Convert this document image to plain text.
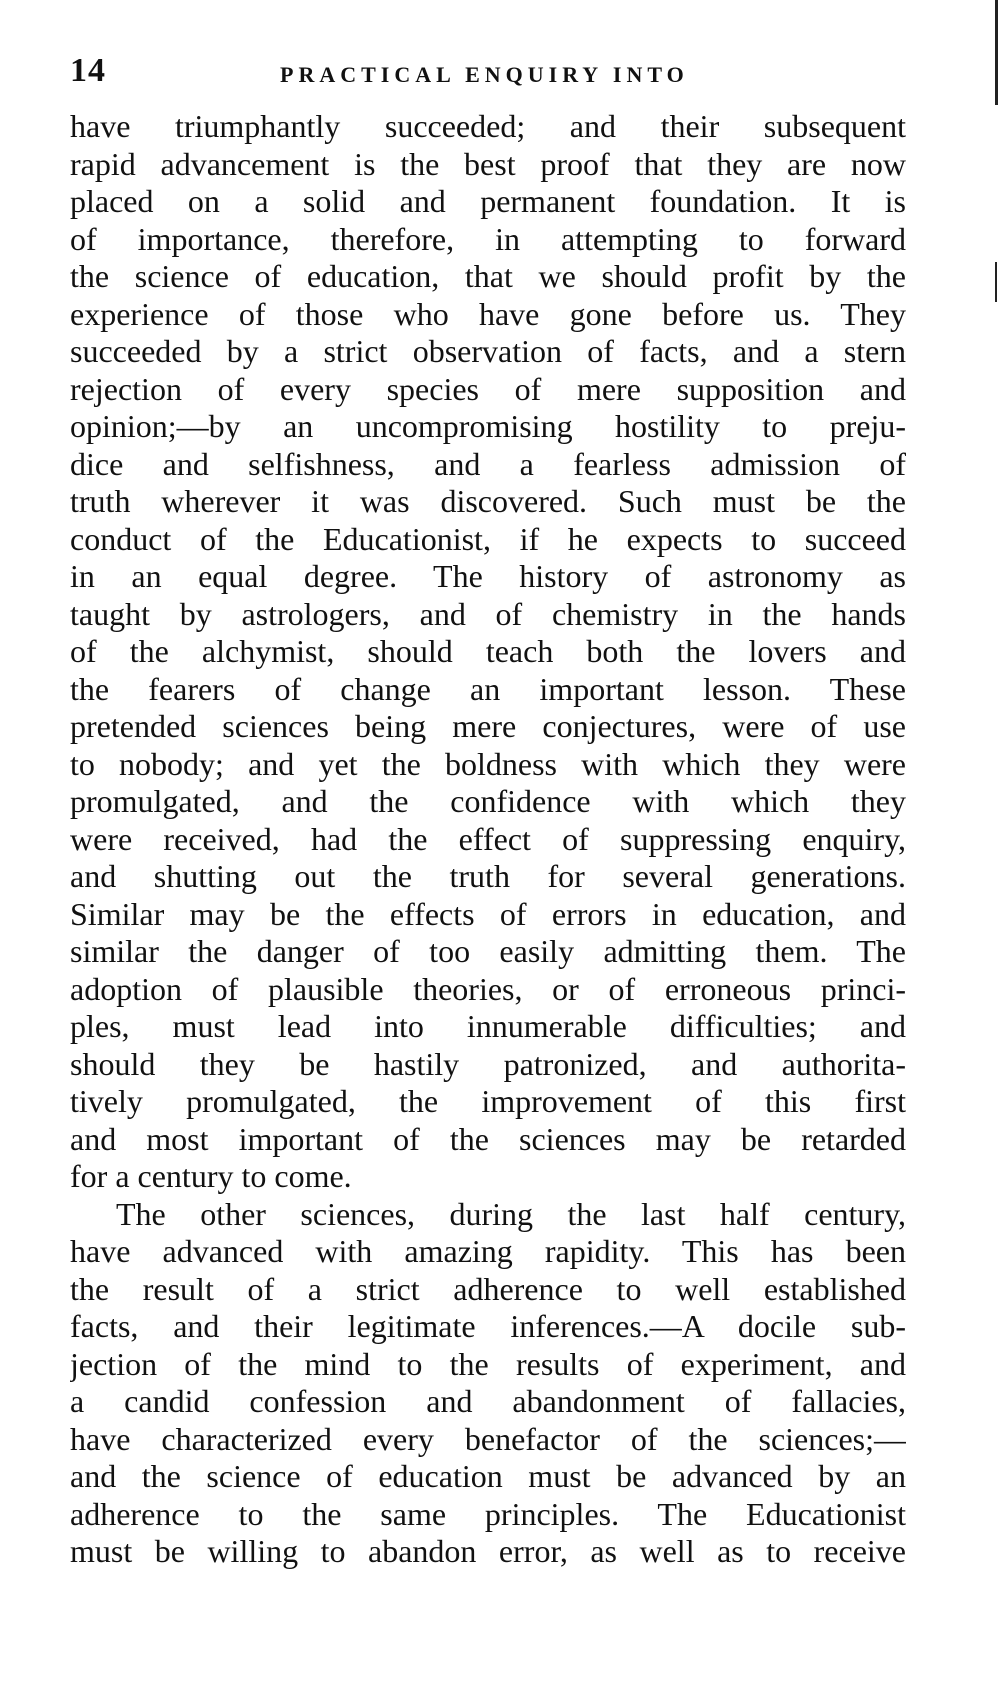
14	PRACTICAL ENQUIRY INTO
have triumphantly succeeded; and their subsequent
rapid advancement is the best proof that they are now
placed on a solid and permanent foundation. It is
of importance, therefore, in attempting to forward
the science of education, that we should profit by the
experience of those who have gone before us. They
succeeded by a strict observation of facts, and a stern
rejection of every species of mere supposition and
opinion;—by an uncompromising hostility to preju-
dice and selfishness, and a fearless admission of
truth wherever it was discovered. Such must be the
conduct of the Educationist, if he expects to succeed
in an equal degree. The history of astronomy as
taught by astrologers, and of chemistry in the hands
of the alchymist, should teach both the lovers and
the fearers of change an important lesson. These
pretended sciences being mere conjectures, were of use
to nobody; and yet the boldness with which they were
promulgated, and the confidence with which they
were received, had the effect of suppressing enquiry,
and shutting out the truth for several generations.
Similar may be the effects of errors in education, and
similar the danger of too easily admitting them. The
adoption of plausible theories, or of erroneous princi-
ples, must lead into innumerable difficulties; and
should they be hastily patronized, and authorita-
tively promulgated, the improvement of this first
and most important of the sciences may be retarded
for a century to come.
The other sciences, during the last half century,
have advanced with amazing rapidity. This has been
the result of a strict adherence to well established
facts, and their legitimate inferences.—A docile sub-
jection of the mind to the results of experiment, and
a candid confession and abandonment of fallacies,
have characterized every benefactor of the sciences;—
and the science of education must be advanced by an
adherence to the same principles. The Educationist
must be willing to abandon error, as well as to receive
